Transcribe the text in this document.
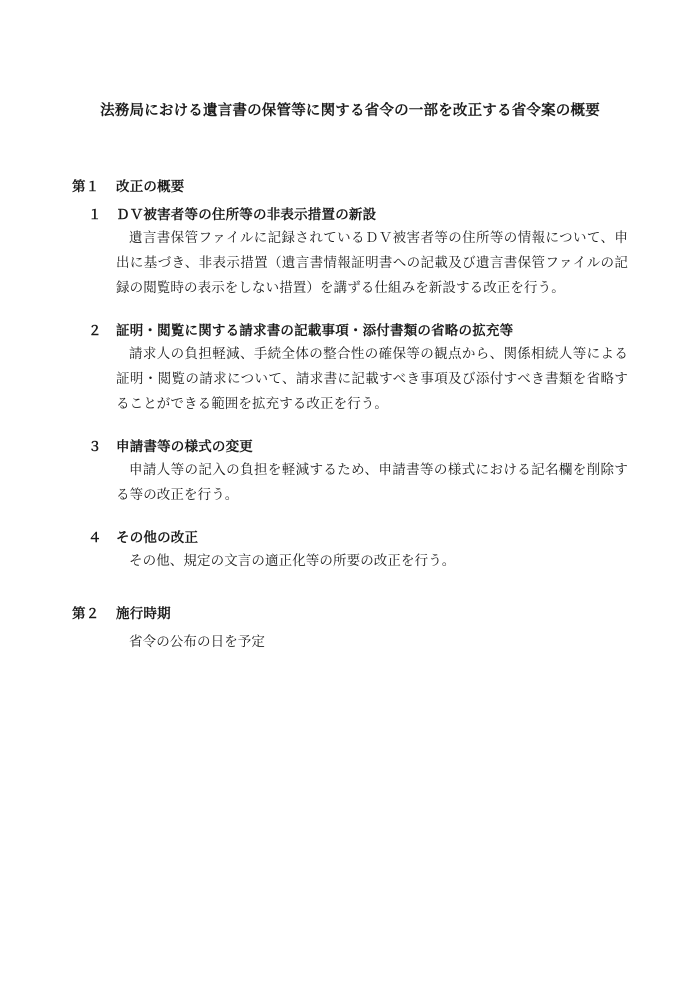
法務局における遺言書の保管等に関する省令の一部を改正する省令案の概要
第１	改正の概要
１	ＤＶ被害者等の住所等の非表示措置の新設

遺言書保管ファイルに記録されているＤＶ被害者等の住所等の情報について、申出に基づき、非表示措置（遺言書情報証明書への記載及び遺言書保管ファイルの記録の閲覧時の表示をしない措置）を講ずる仕組みを新設する改正を行う。

２	証明・閲覧に関する請求書の記載事項・添付書類の省略の拡充等

請求人の負担軽減、手続全体の整合性の確保等の観点から、関係相続人等による証明・閲覧の請求について、請求書に記載すべき事項及び添付すべき書類を省略することができる範囲を拡充する改正を行う。

３	申請書等の様式の変更

申請人等の記入の負担を軽減するため、申請書等の様式における記名欄を削除する等の改正を行う。

４	その他の改正

その他、規定の文言の適正化等の所要の改正を行う。

第２	施行時期

省令の公布の日を予定
